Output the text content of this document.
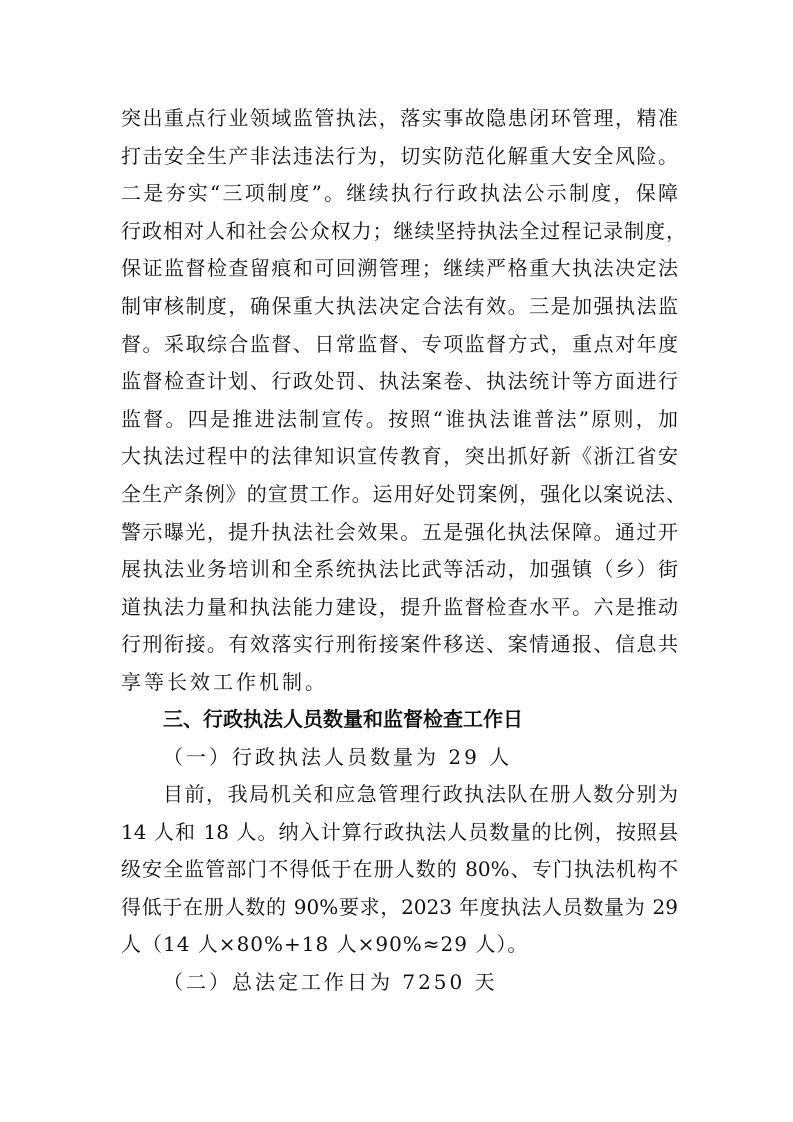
突出重点行业领域监管执法，落实事故隐患闭环管理，精准
打击安全生产非法违法行为，切实防范化解重大安全风险。
二是夯实“三项制度”。继续执行行政执法公示制度，保障
行政相对人和社会公众权力；继续坚持执法全过程记录制度，
保证监督检查留痕和可回溯管理；继续严格重大执法决定法
制审核制度，确保重大执法决定合法有效。三是加强执法监
督。采取综合监督、日常监督、专项监督方式，重点对年度
监督检查计划、行政处罚、执法案卷、执法统计等方面进行
监督。四是推进法制宣传。按照“谁执法谁普法”原则，加
大执法过程中的法律知识宣传教育，突出抓好新《浙江省安
全生产条例》的宣贯工作。运用好处罚案例，强化以案说法、
警示曝光，提升执法社会效果。五是强化执法保障。通过开
展执法业务培训和全系统执法比武等活动，加强镇（乡）街
道执法力量和执法能力建设，提升监督检查水平。六是推动
行刑衔接。有效落实行刑衔接案件移送、案情通报、信息共
享等长效工作机制。
三、行政执法人员数量和监督检查工作日
（一）行政执法人员数量为 29 人
目前，我局机关和应急管理行政执法队在册人数分别为
14 人和 18 人。纳入计算行政执法人员数量的比例，按照县
级安全监管部门不得低于在册人数的 80%、专门执法机构不
得低于在册人数的 90%要求，2023 年度执法人员数量为 29
人（14 人×80%+18 人×90%≈29 人）。
（二）总法定工作日为 7250 天
